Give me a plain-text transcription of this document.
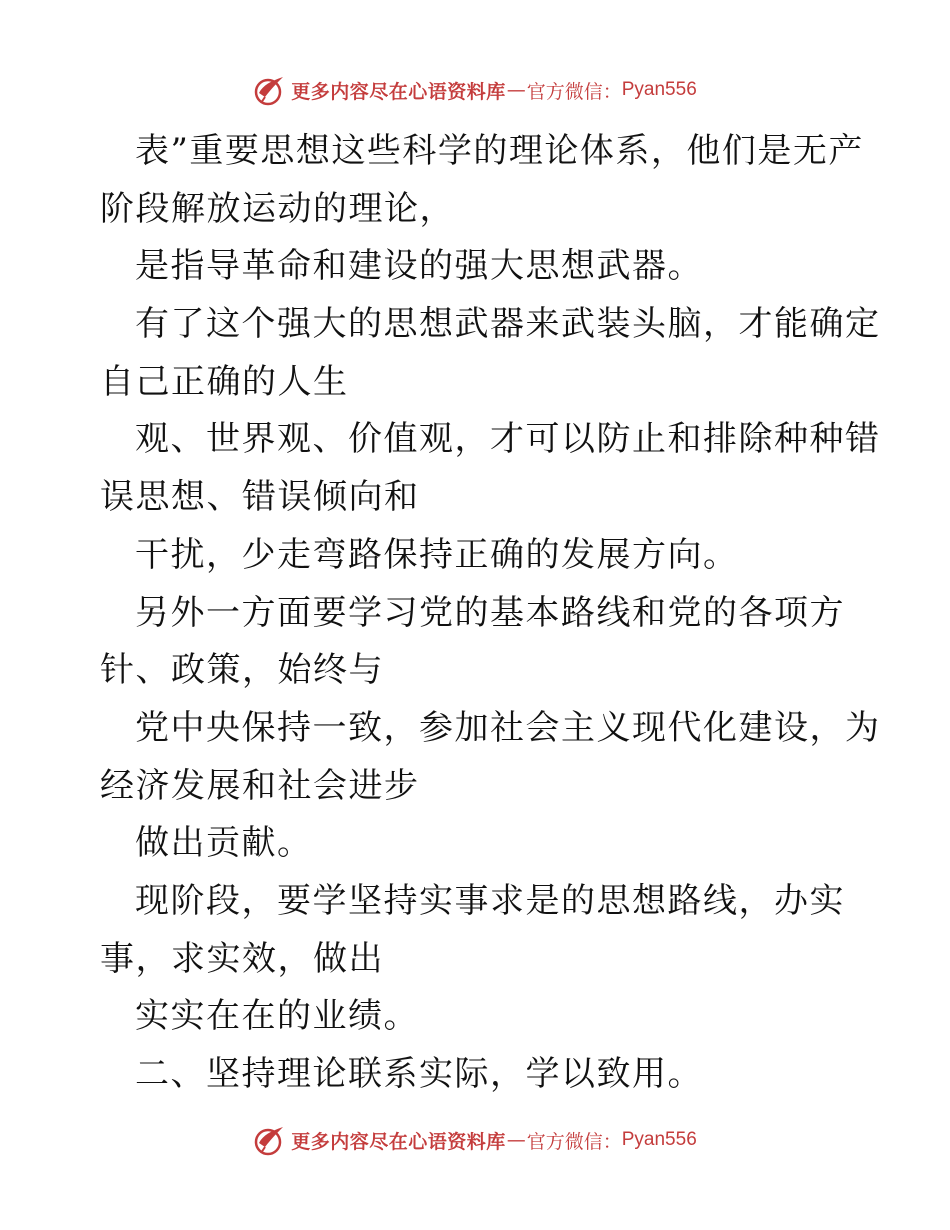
更多内容尽在心语资料库 — 官方微信： Pyan556
表”重要思想这些科学的理论体系，他们是无产
阶段解放运动的理论，
是指导革命和建设的强大思想武器。
有了这个强大的思想武器来武装头脑，才能确定
自己正确的人生
观、世界观、价值观，才可以防止和排除种种错
误思想、错误倾向和
干扰，少走弯路保持正确的发展方向。
另外一方面要学习党的基本路线和党的各项方
针、政策，始终与
党中央保持一致，参加社会主义现代化建设，为
经济发展和社会进步
做出贡献。
现阶段，要学坚持实事求是的思想路线，办实
事，求实效，做出
实实在在的业绩。
二、坚持理论联系实际，学以致用。
更多内容尽在心语资料库 — 官方微信： Pyan556
